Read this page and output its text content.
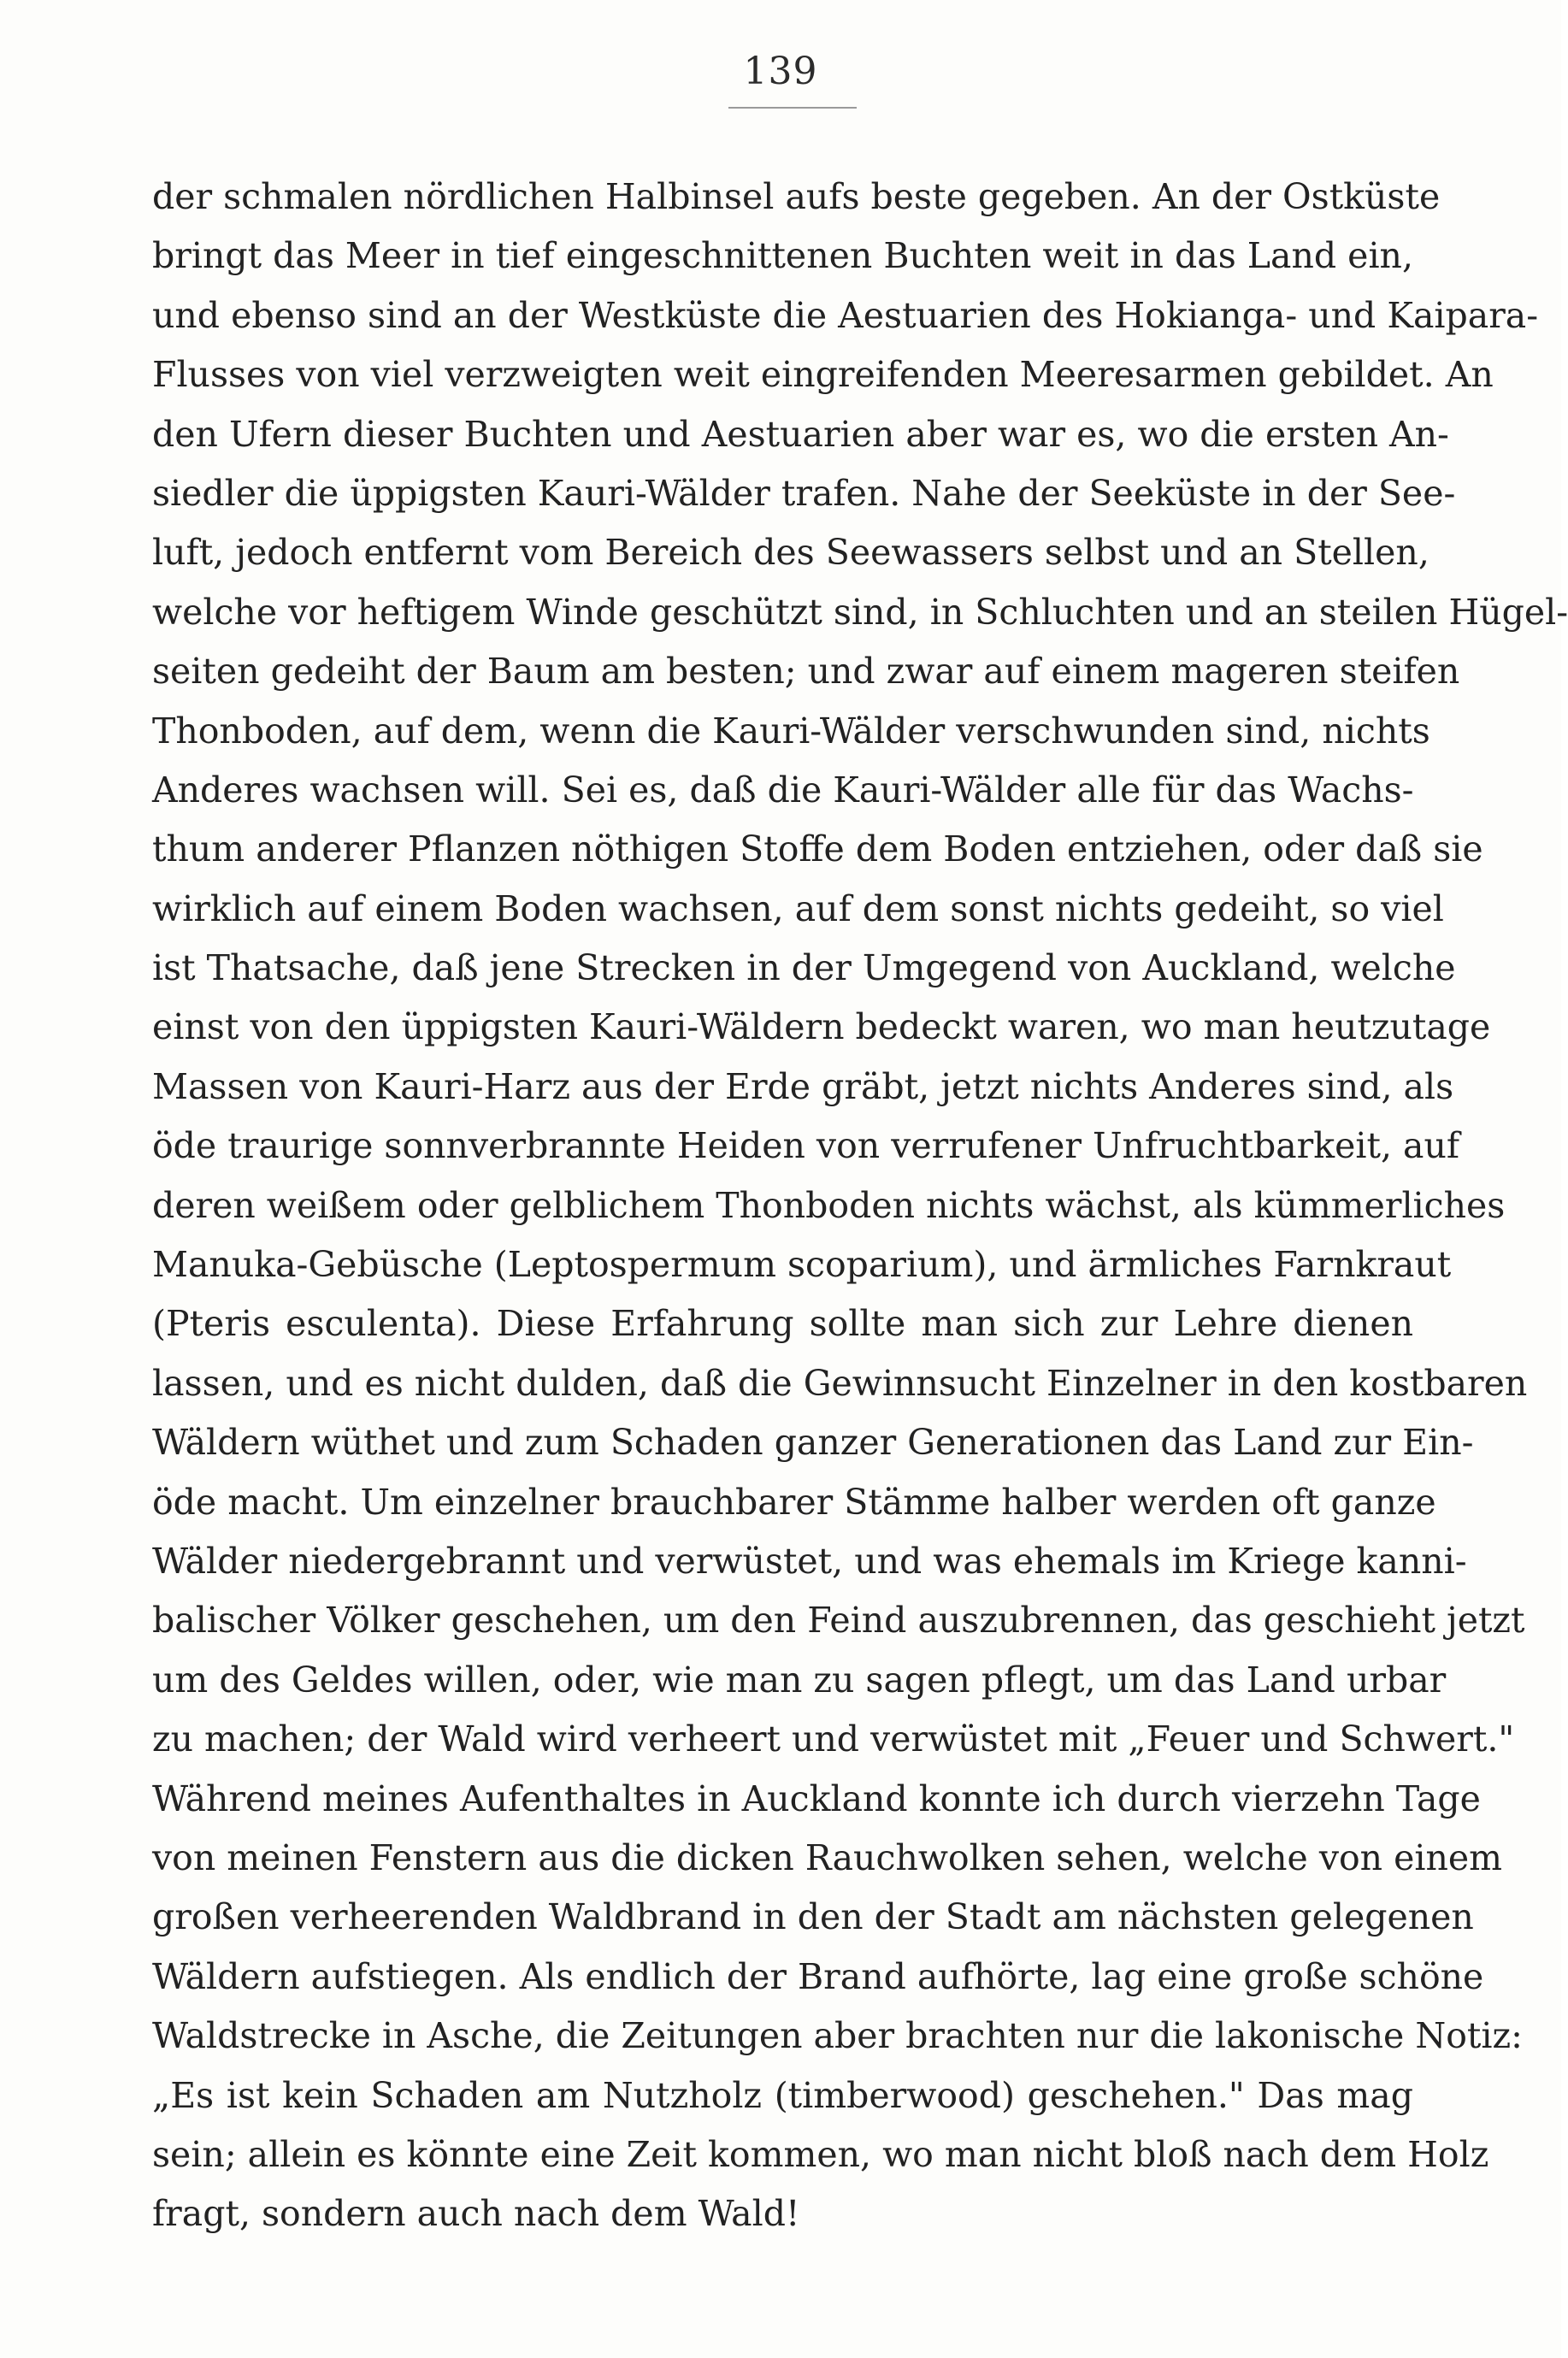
139
der schmalen nördlichen Halbinsel aufs beste gegeben. An der Ostküste
bringt das Meer in tief eingeschnittenen Buchten weit in das Land ein,
und ebenso sind an der Westküste die Aestuarien des Hokianga- und Kaipara-
Flusses von viel verzweigten weit eingreifenden Meeresarmen gebildet. An
den Ufern dieser Buchten und Aestuarien aber war es, wo die ersten An-
siedler die üppigsten Kauri-Wälder trafen. Nahe der Seeküste in der See-
luft, jedoch entfernt vom Bereich des Seewassers selbst und an Stellen,
welche vor heftigem Winde geschützt sind, in Schluchten und an steilen Hügel-
seiten gedeiht der Baum am besten; und zwar auf einem mageren steifen
Thonboden, auf dem, wenn die Kauri-Wälder verschwunden sind, nichts
Anderes wachsen will. Sei es, daß die Kauri-Wälder alle für das Wachs-
thum anderer Pflanzen nöthigen Stoffe dem Boden entziehen, oder daß sie
wirklich auf einem Boden wachsen, auf dem sonst nichts gedeiht, so viel
ist Thatsache, daß jene Strecken in der Umgegend von Auckland, welche
einst von den üppigsten Kauri-Wäldern bedeckt waren, wo man heutzutage
Massen von Kauri-Harz aus der Erde gräbt, jetzt nichts Anderes sind, als
öde traurige sonnverbrannte Heiden von verrufener Unfruchtbarkeit, auf
deren weißem oder gelblichem Thonboden nichts wächst, als kümmerliches
Manuka-Gebüsche (Leptospermum scoparium), und ärmliches Farnkraut
(Pteris esculenta). Diese Erfahrung sollte man sich zur Lehre dienen
lassen, und es nicht dulden, daß die Gewinnsucht Einzelner in den kostbaren
Wäldern wüthet und zum Schaden ganzer Generationen das Land zur Ein-
öde macht. Um einzelner brauchbarer Stämme halber werden oft ganze
Wälder niedergebrannt und verwüstet, und was ehemals im Kriege kanni-
balischer Völker geschehen, um den Feind auszubrennen, das geschieht jetzt
um des Geldes willen, oder, wie man zu sagen pflegt, um das Land urbar
zu machen; der Wald wird verheert und verwüstet mit „Feuer und Schwert."
Während meines Aufenthaltes in Auckland konnte ich durch vierzehn Tage
von meinen Fenstern aus die dicken Rauchwolken sehen, welche von einem
großen verheerenden Waldbrand in den der Stadt am nächsten gelegenen
Wäldern aufstiegen. Als endlich der Brand aufhörte, lag eine große schöne
Waldstrecke in Asche, die Zeitungen aber brachten nur die lakonische Notiz:
„Es ist kein Schaden am Nutzholz (timberwood) geschehen." Das mag
sein; allein es könnte eine Zeit kommen, wo man nicht bloß nach dem Holz
fragt, sondern auch nach dem Wald!
